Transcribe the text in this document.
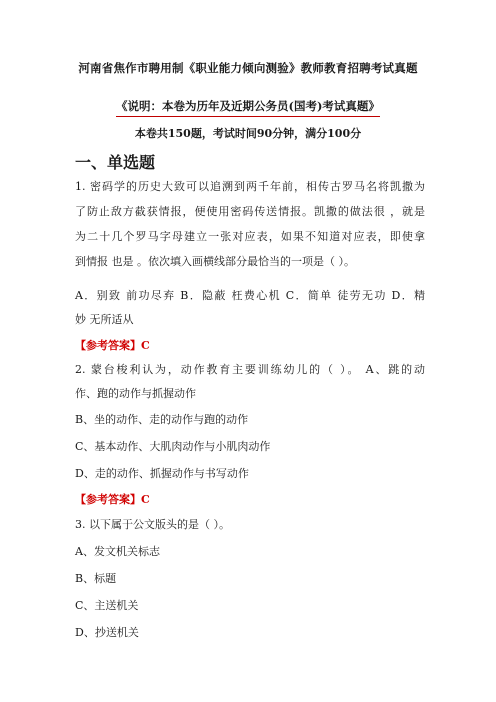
河南省焦作市聘用制《职业能力倾向测验》教师教育招聘考试真题
《说明：本卷为历年及近期公务员(国考)考试真题》
本卷共150题，考试时间90分钟，满分100分
一、单选题
1. 密码学的历史大致可以追溯到两千年前，相传古罗马名将凯撒为
了防止敌方截获情报，便使用密码传送情报。凯撒的做法很 ，就是
为二十几个罗马字母建立一张对应表，如果不知道对应表，即使拿
到情报 也是 。依次填入画横线部分最恰当的一项是（ ）。
A．别致 前功尽弃 B．隐蔽 枉费心机 C．简单 徒劳无功 D．精
妙 无所适从
【参考答案】C
2. 蒙台梭利认为，动作教育主要训练幼儿的（ ）。 A、跳的动
作、跑的动作与抓握动作
B、坐的动作、走的动作与跑的动作
C、基本动作、大肌肉动作与小肌肉动作
D、走的动作、抓握动作与书写动作
【参考答案】C
3. 以下属于公文版头的是（ ）。
A、发文机关标志
B、标题
C、主送机关
D、抄送机关
